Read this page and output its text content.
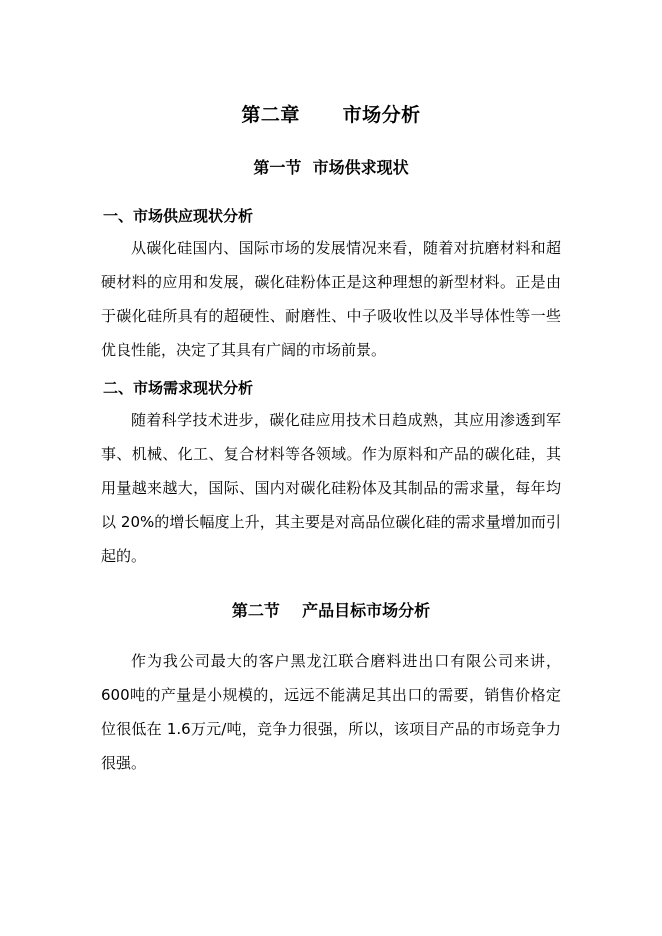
第二章      市场分析
第一节  市场供求现状
一、市场供应现状分析

从碳化硅国内、国际市场的发展情况来看，随着对抗磨材料和超硬材料的应用和发展，碳化硅粉体正是这种理想的新型材料。正是由于碳化硅所具有的超硬性、耐磨性、中子吸收性以及半导体性等一些优良性能，决定了其具有广阔的市场前景。

二、市场需求现状分析

随着科学技术进步，碳化硅应用技术日趋成熟，其应用渗透到军事、机械、化工、复合材料等各领域。作为原料和产品的碳化硅，其用量越来越大，国际、国内对碳化硅粉体及其制品的需求量，每年均以 20%的增长幅度上升，其主要是对高品位碳化硅的需求量增加而引起的。

第二节    产品目标市场分析

作为我公司最大的客户黑龙江联合磨料进出口有限公司来讲，600吨的产量是小规模的，远远不能满足其出口的需要，销售价格定位很低在 1.6万元/吨，竞争力很强，所以，该项目产品的市场竞争力很强。
